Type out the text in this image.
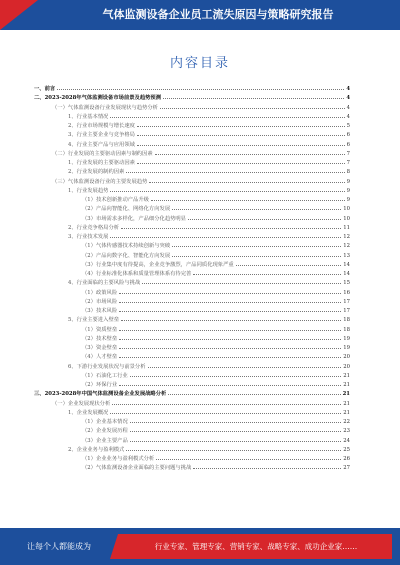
气体监测设备企业员工流失原因与策略研究报告
内容目录
一、前言	4
二、2023-2028年气体监测设备市场前景及趋势预测	4
（一）气体监测设备行业发展现状与趋势分析	4
1、行业基本情况	4
2、行业市场规模与增长速度	5
3、行业主要企业与竞争格局	6
4、行业主要产品与应用领域	6
（二）行业发展的主要驱动因素与制约因素	7
1、行业发展的主要驱动因素	7
2、行业发展的制约因素	8
（三）气体监测设备行业的主要发展趋势	9
1、行业发展趋势	9
（1）技术创新推动产品升级	9
（2）产品向智能化、网络化方向发展	10
（3）市场需求多样化，产品细分化趋势明显	10
2、行业竞争格局分析	11
3、行业技术发展	12
（1）气体传感器技术持续创新与突破	12
（2）产品向数字化、智能化方向发展	13
（3）行业集中度有待提高，企业竞争激烈，产品同质化现象严重	14
（4）行业标准化体系和质量管理体系有待完善	14
4、行业面临的主要风险与挑战	15
（1）政策风险	16
（2）市场风险	17
（3）技术风险	17
5、行业主要进入壁垒	18
（1）资质壁垒	18
（2）技术壁垒	19
（3）资金壁垒	19
（4）人才壁垒	20
6、下游行业发展状况与前景分析	20
（1）石油化工行业	21
（2）环保行业	21
三、2023-2028年中国气体监测设备企业发展战略分析	21
（一）企业发展现状分析	21
1、企业发展概况	21
（1）企业基本情况	22
（2）企业发展历程	23
（3）企业主要产品	24
2、企业业务与盈利模式	25
（1）企业业务与盈利模式分析	26
（2）气体监测设备企业面临的主要问题与挑战	27
让每个人都能成为	行业专家、管理专家、营销专家、战略专家、成功企业家……
